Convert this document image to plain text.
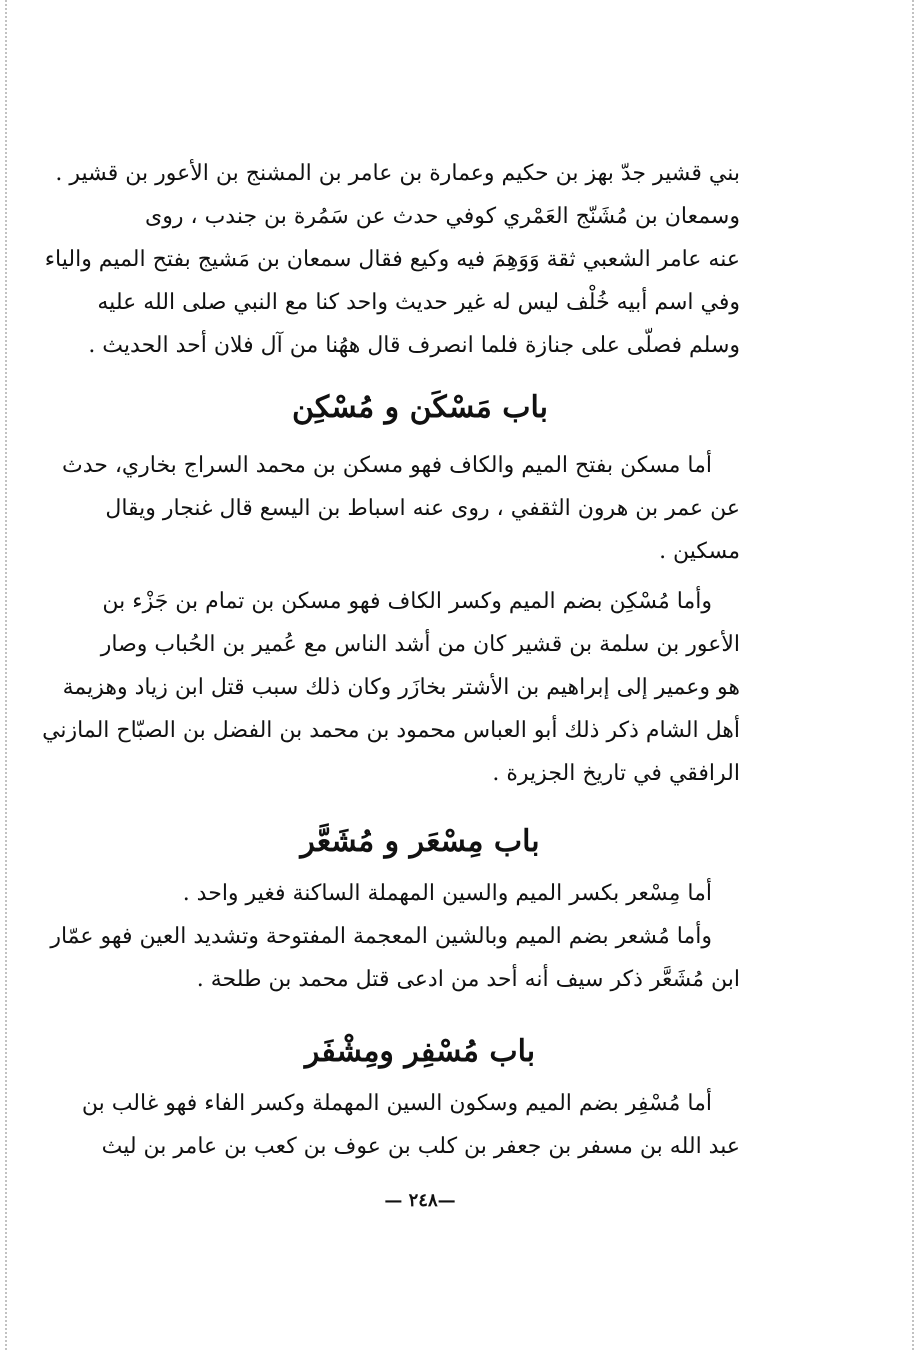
بني قشير جدّ بهز بن حكيم وعمارة بن عامر بن المشنج بن الأعور بن قشير .
وسمعان بن مُشَنّج العَمْري كوفي حدث عن سَمُرة بن جندب ، روى
عنه عامر الشعبي ثقة وَوَهِمَ فيه وكيع فقال سمعان بن مَشيج بفتح الميم والياء
وفي اسم أبيه خُلْف ليس له غير حديث واحد كنا مع النبي صلى الله عليه
وسلم فصلّى على جنازة فلما انصرف قال ههُنا من آل فلان أحد الحديث .
باب مَسْكَن و مُسْكِن
أما مسكن بفتح الميم والكاف فهو مسكن بن محمد السراج بخاري، حدث
عن عمر بن هرون الثقفي ، روى عنه اسباط بن اليسع قال غنجار ويقال
مسكين .
وأما مُسْكِن بضم الميم وكسر الكاف فهو مسكن بن تمام بن جَزْء بن
الأعور بن سلمة بن قشير كان من أشد الناس مع عُمير بن الحُباب وصار
هو وعمير إلى إبراهيم بن الأشتر بخازَر وكان ذلك سبب قتل ابن زياد وهزيمة
أهل الشام ذكر ذلك أبو العباس محمود بن محمد بن الفضل بن الصبّاح المازني
الرافقي في تاريخ الجزيرة .
باب مِسْعَر و مُشَعَّر
أما مِسْعر بكسر الميم والسين المهملة الساكنة فغير واحد .
وأما مُشعر بضم الميم وبالشين المعجمة المفتوحة وتشديد العين فهو عمّار
ابن مُشَعَّر ذكر سيف أنه أحد من ادعى قتل محمد بن طلحة .
باب مُسْفِر ومِشْفَر
أما مُسْفِر بضم الميم وسكون السين المهملة وكسر الفاء فهو غالب بن
عبد الله بن مسفر بن جعفر بن كلب بن عوف بن كعب بن عامر بن ليث
— ٢٤٨—
